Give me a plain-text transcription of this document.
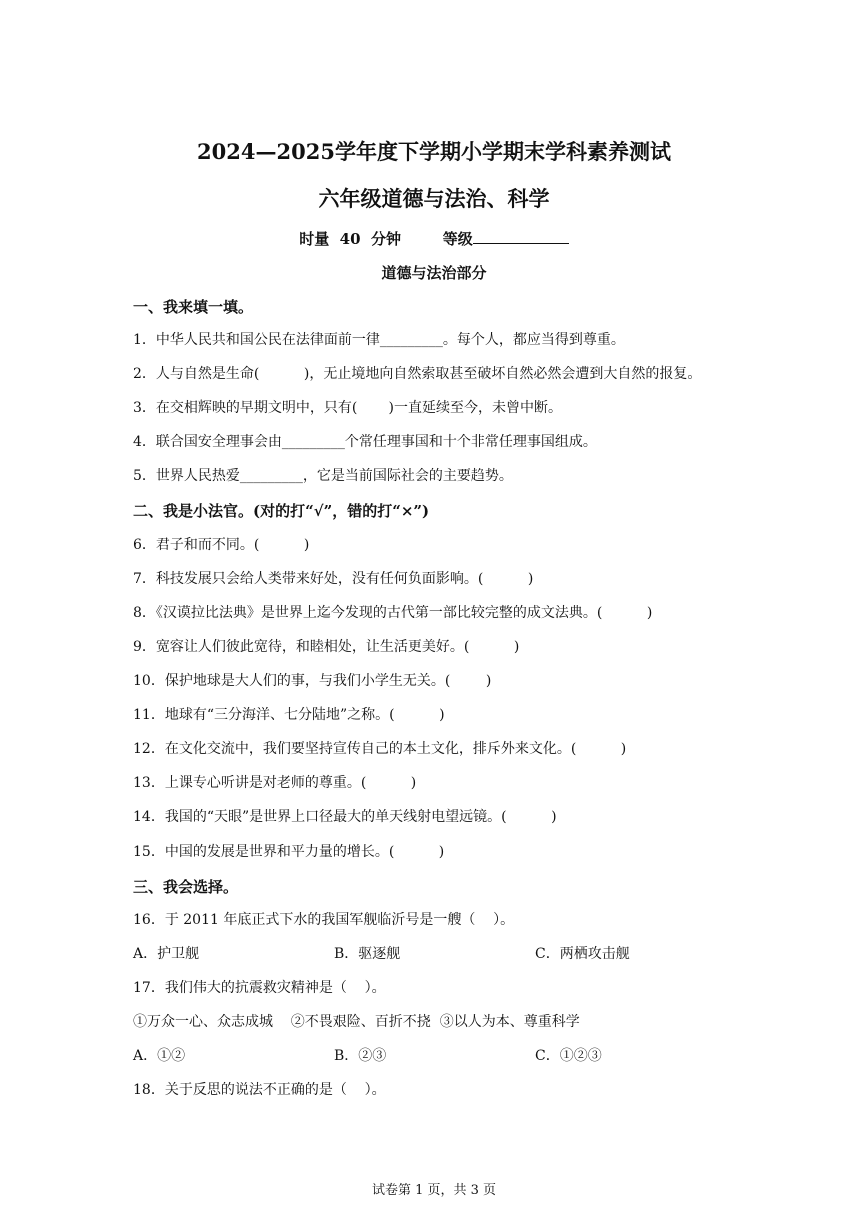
2024—2025学年度下学期小学期末学科素养测试
六年级道德与法治、科学
时量  40  分钟	等级
道德与法治部分
一、我来填一填。
1．中华人民共和国公民在法律面前一律_________。每个人，都应当得到尊重。
2．人与自然是生命(          )，无止境地向自然索取甚至破坏自然必然会遭到大自然的报复。
3．在交相辉映的早期文明中，只有(       )一直延续至今，未曾中断。
4．联合国安全理事会由_________个常任理事国和十个非常任理事国组成。
5．世界人民热爱_________，它是当前国际社会的主要趋势。
二、我是小法官。(对的打“√”，错的打“×”)
6．君子和而不同。(          )
7．科技发展只会给人类带来好处，没有任何负面影响。(          )
8．《汉谟拉比法典》是世界上迄今发现的古代第一部比较完整的成文法典。(          )
9．宽容让人们彼此宽待，和睦相处，让生活更美好。(          )
10．保护地球是大人们的事，与我们小学生无关。(        )
11．地球有“三分海洋、七分陆地”之称。(          )
12．在文化交流中，我们要坚持宣传自己的本土文化，排斥外来文化。(          )
13．上课专心听讲是对老师的尊重。(          )
14．我国的“天眼”是世界上口径最大的单天线射电望远镜。(          )
15．中国的发展是世界和平力量的增长。(          )
三、我会选择。
16．于 2011 年底正式下水的我国军舰临沂号是一艘（    ）。
A．护卫舰	B．驱逐舰	C．两栖攻击舰
17．我们伟大的抗震救灾精神是（    ）。
①万众一心、众志成城    ②不畏艰险、百折不挠  ③以人为本、尊重科学
A．①②	B．②③	C．①②③
18．关于反思的说法不正确的是（    ）。
试卷第 1 页，共 3 页
